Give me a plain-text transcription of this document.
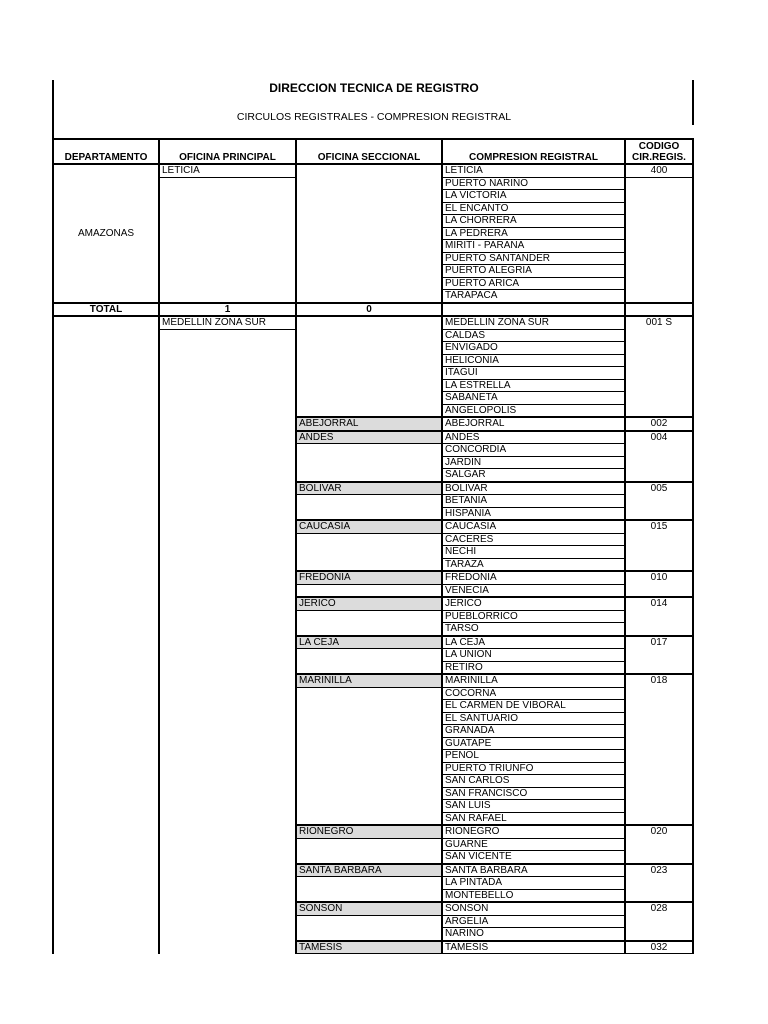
DIRECCION TECNICA DE REGISTRO
CIRCULOS REGISTRALES - COMPRESION REGISTRAL
DEPARTAMENTO	OFICINA PRINCIPAL	OFICINA SECCIONAL	COMPRESION REGISTRAL	CODIGO
CIR.REGIS.
AMAZONAS	LETICIA		LETICIA	400
			PUERTO NARIÑO	
			LA VICTORIA	
			EL ENCANTO	
			LA CHORRERA	
			LA PEDRERA	
			MIRITI - PARANA	
			PUERTO SANTANDER	
			PUERTO ALEGRIA	
			PUERTO ARICA	
			TARAPACA	
TOTAL	1	0		
	MEDELLIN ZONA SUR		MEDELLIN ZONA SUR	001 S
			CALDAS	
			ENVIGADO	
			HELICONIA	
			ITAGUI	
			LA ESTRELLA	
			SABANETA	
			ANGELOPOLIS	
		ABEJORRAL	ABEJORRAL	002
		ANDES	ANDES	004
			CONCORDIA	
			JARDIN	
			SALGAR	
		BOLIVAR	BOLIVAR	005
			BETANIA	
			HISPANIA	
		CAUCASIA	CAUCASIA	015
			CACERES	
			NECHI	
			TARAZA	
		FREDONIA	FREDONIA	010
			VENECIA	
		JERICO	JERICO	014
			PUEBLORRICO	
			TARSO	
		LA CEJA	LA CEJA	017
			LA UNION	
			RETIRO	
		MARINILLA	MARINILLA	018
			COCORNA	
			EL CARMEN DE VIBORAL	
			EL SANTUARIO	
			GRANADA	
			GUATAPE	
			PENOL	
			PUERTO TRIUNFO	
			SAN CARLOS	
			SAN FRANCISCO	
			SAN LUIS	
			SAN RAFAEL	
		RIONEGRO	RIONEGRO	020
			GUARNE	
			SAN VICENTE	
		SANTA BARBARA	SANTA BARBARA	023
			LA PINTADA	
			MONTEBELLO	
		SONSON	SONSON	028
			ARGELIA	
			NARINO	
		TAMESIS	TAMESIS	032
